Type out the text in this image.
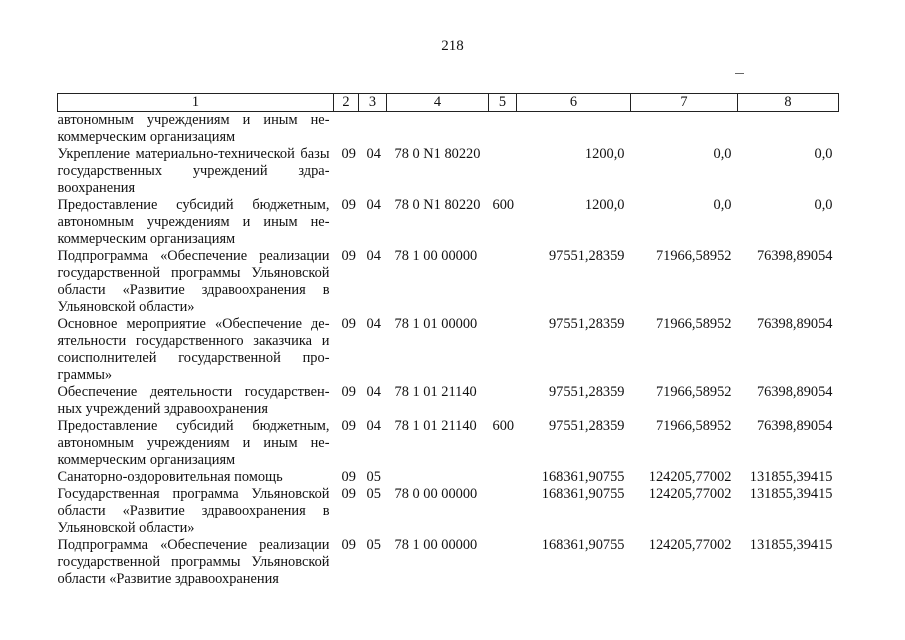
218
1	2	3	4	5	6	7	8
автономным учреждениям и иным некоммерческим организациям							
Укрепление материально-технической базы государственных учреждений здравоохранения	09	04	78 0 N1 80220		1200,0	0,0	0,0
Предоставление субсидий бюджетным, автономным учреждениям и иным некоммерческим организациям	09	04	78 0 N1 80220	600	1200,0	0,0	0,0
Подпрограмма «Обеспечение реализации государственной программы Ульяновской области «Развитие здравоохранения в Ульяновской области»	09	04	78 1 00 00000		97551,28359	71966,58952	76398,89054
Основное мероприятие «Обеспечение деятельности государственного заказчика и соисполнителей государственной программы»	09	04	78 1 01 00000		97551,28359	71966,58952	76398,89054
Обеспечение деятельности государственных учреждений здравоохранения	09	04	78 1 01 21140		97551,28359	71966,58952	76398,89054
Предоставление субсидий бюджетным, автономным учреждениям и иным некоммерческим организациям	09	04	78 1 01 21140	600	97551,28359	71966,58952	76398,89054
Санаторно-оздоровительная помощь	09	05			168361,90755	124205,77002	131855,39415
Государственная программа Ульяновской области «Развитие здравоохранения в Ульяновской области»	09	05	78 0 00 00000		168361,90755	124205,77002	131855,39415
Подпрограмма «Обеспечение реализации государственной программы Ульяновской области «Развитие здравоохранения	09	05	78 1 00 00000		168361,90755	124205,77002	131855,39415
